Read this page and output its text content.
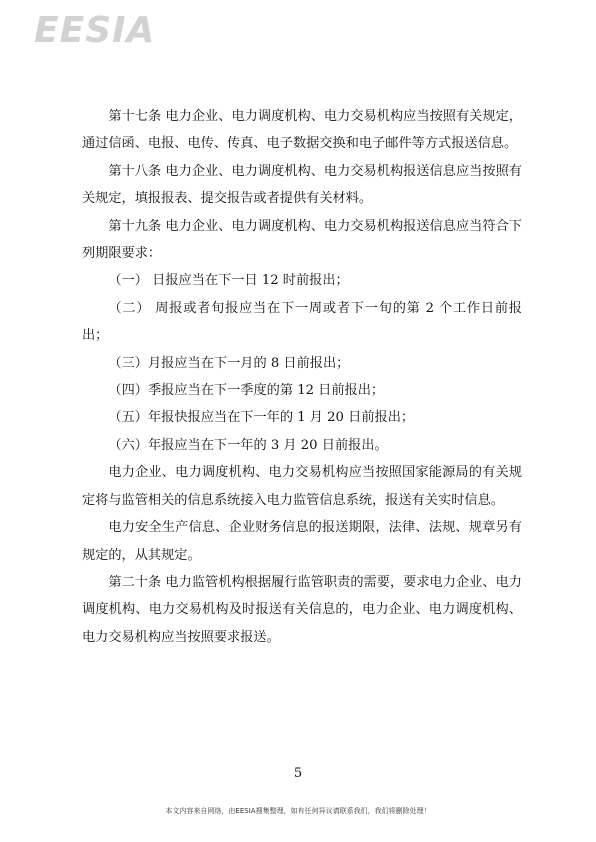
EESIA

第十七条 电力企业、电力调度机构、电力交易机构应当按照有关规定，通过信函、电报、电传、传真、电子数据交换和电子邮件等方式报送信息。

第十八条 电力企业、电力调度机构、电力交易机构报送信息应当按照有关规定，填报报表、提交报告或者提供有关材料。

第十九条 电力企业、电力调度机构、电力交易机构报送信息应当符合下列期限要求：

（一） 日报应当在下一日 12 时前报出；

（二） 周报或者旬报应当在下一周或者下一旬的第 2 个工作日前报出；

（三）月报应当在下一月的 8 日前报出；

（四）季报应当在下一季度的第 12 日前报出；

（五）年报快报应当在下一年的 1 月 20 日前报出；

（六）年报应当在下一年的 3 月 20 日前报出。

电力企业、电力调度机构、电力交易机构应当按照国家能源局的有关规定将与监管相关的信息系统接入电力监管信息系统，报送有关实时信息。

电力安全生产信息、企业财务信息的报送期限，法律、法规、规章另有规定的，从其规定。

第二十条 电力监管机构根据履行监管职责的需要，要求电力企业、电力调度机构、电力交易机构及时报送有关信息的，电力企业、电力调度机构、电力交易机构应当按照要求报送。

5
本文内容来自网络，由EESIA搜集整理，如有任何异议请联系我们，我们将删除处理！
